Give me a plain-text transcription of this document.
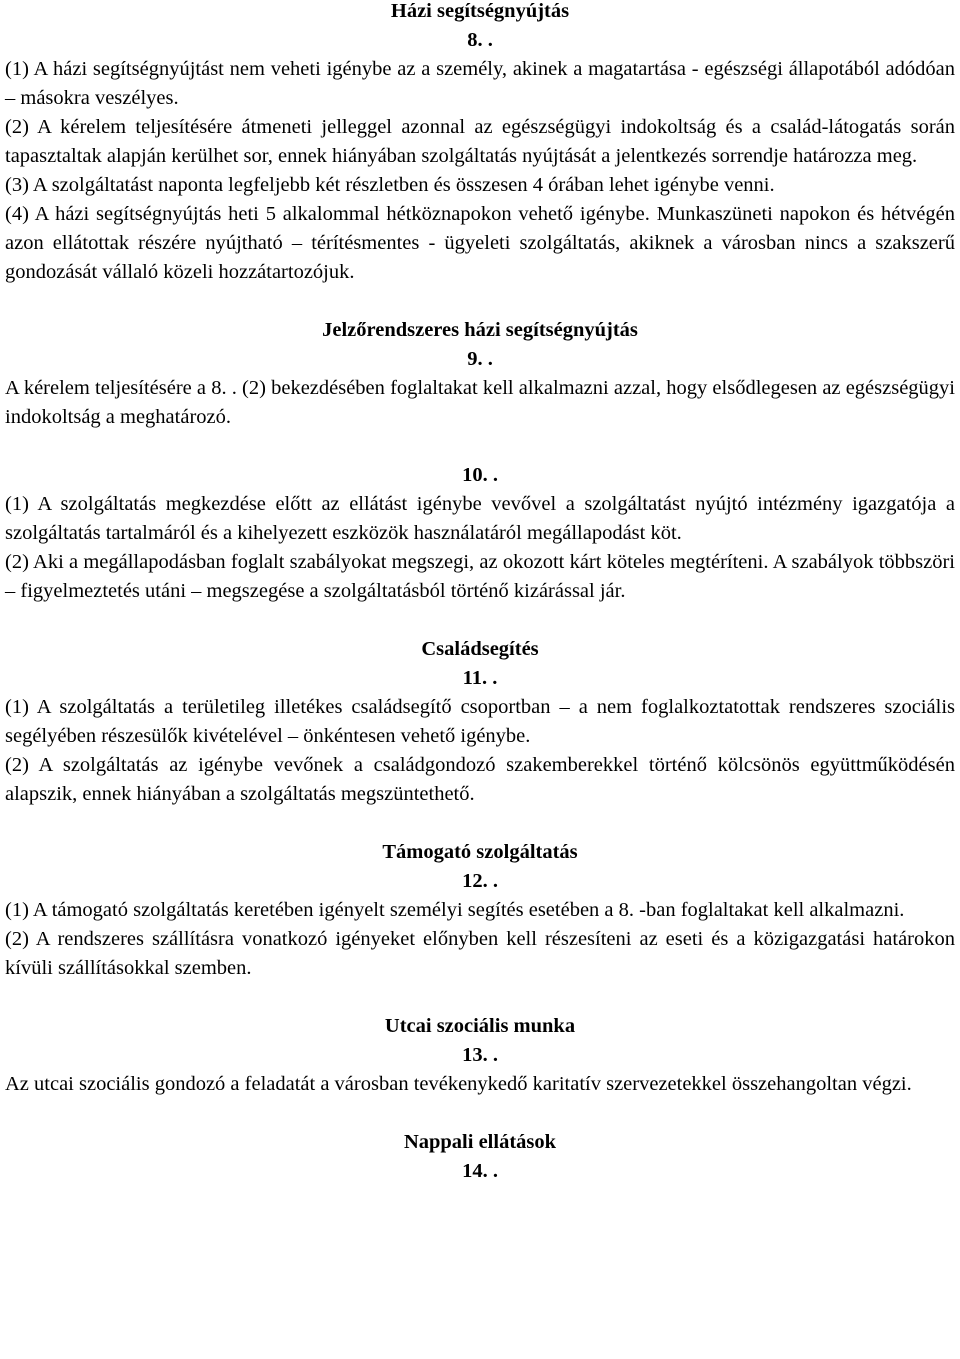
Házi segítségnyújtás
8. .

(1) A házi segítségnyújtást nem veheti igénybe az a személy, akinek a magatartása - egészségi állapotából adódóan – másokra veszélyes.

(2) A kérelem teljesítésére átmeneti jelleggel azonnal az egészségügyi indokoltság és a család-látogatás során tapasztaltak alapján kerülhet sor, ennek hiányában szolgáltatás nyújtását a jelentkezés sorrendje határozza meg.

(3) A szolgáltatást naponta legfeljebb két részletben és összesen 4 órában lehet igénybe venni.

(4) A házi segítségnyújtás heti 5 alkalommal hétköznapokon vehető igénybe. Munkaszüneti napokon és hétvégén azon ellátottak részére nyújtható – térítésmentes - ügyeleti szolgáltatás, akiknek a városban nincs a szakszerű gondozását vállaló közeli hozzátartozójuk.

Jelzőrendszeres házi segítségnyújtás
9. .

A kérelem teljesítésére a 8. . (2) bekezdésében foglaltakat kell alkalmazni azzal, hogy elsődlegesen az egészségügyi indokoltság a meghatározó.

10. .

(1) A szolgáltatás megkezdése előtt az ellátást igénybe vevővel a szolgáltatást nyújtó intézmény igazgatója a szolgáltatás tartalmáról és a kihelyezett eszközök használatáról megállapodást köt.

(2) Aki a megállapodásban foglalt szabályokat megszegi, az okozott kárt köteles megtéríteni. A szabályok többszöri – figyelmeztetés utáni – megszegése a szolgáltatásból történő kizárással jár.

Családsegítés
11. .

(1) A szolgáltatás a területileg illetékes családsegítő csoportban – a nem foglalkoztatottak rendszeres szociális segélyében részesülők kivételével – önkéntesen vehető igénybe.

(2) A szolgáltatás az igénybe vevőnek a családgondozó szakemberekkel történő kölcsönös együttműködésén alapszik, ennek hiányában a szolgáltatás megszüntethető.

Támogató szolgáltatás
12. .

(1) A támogató szolgáltatás keretében igényelt személyi segítés esetében a 8. -ban foglaltakat kell alkalmazni.

(2) A rendszeres szállításra vonatkozó igényeket előnyben kell részesíteni az eseti és a közigazgatási határokon kívüli szállításokkal szemben.

Utcai szociális munka
13. .

Az utcai szociális gondozó a feladatát a városban tevékenykedő karitatív szervezetekkel összehangoltan végzi.

Nappali ellátások
14. .
